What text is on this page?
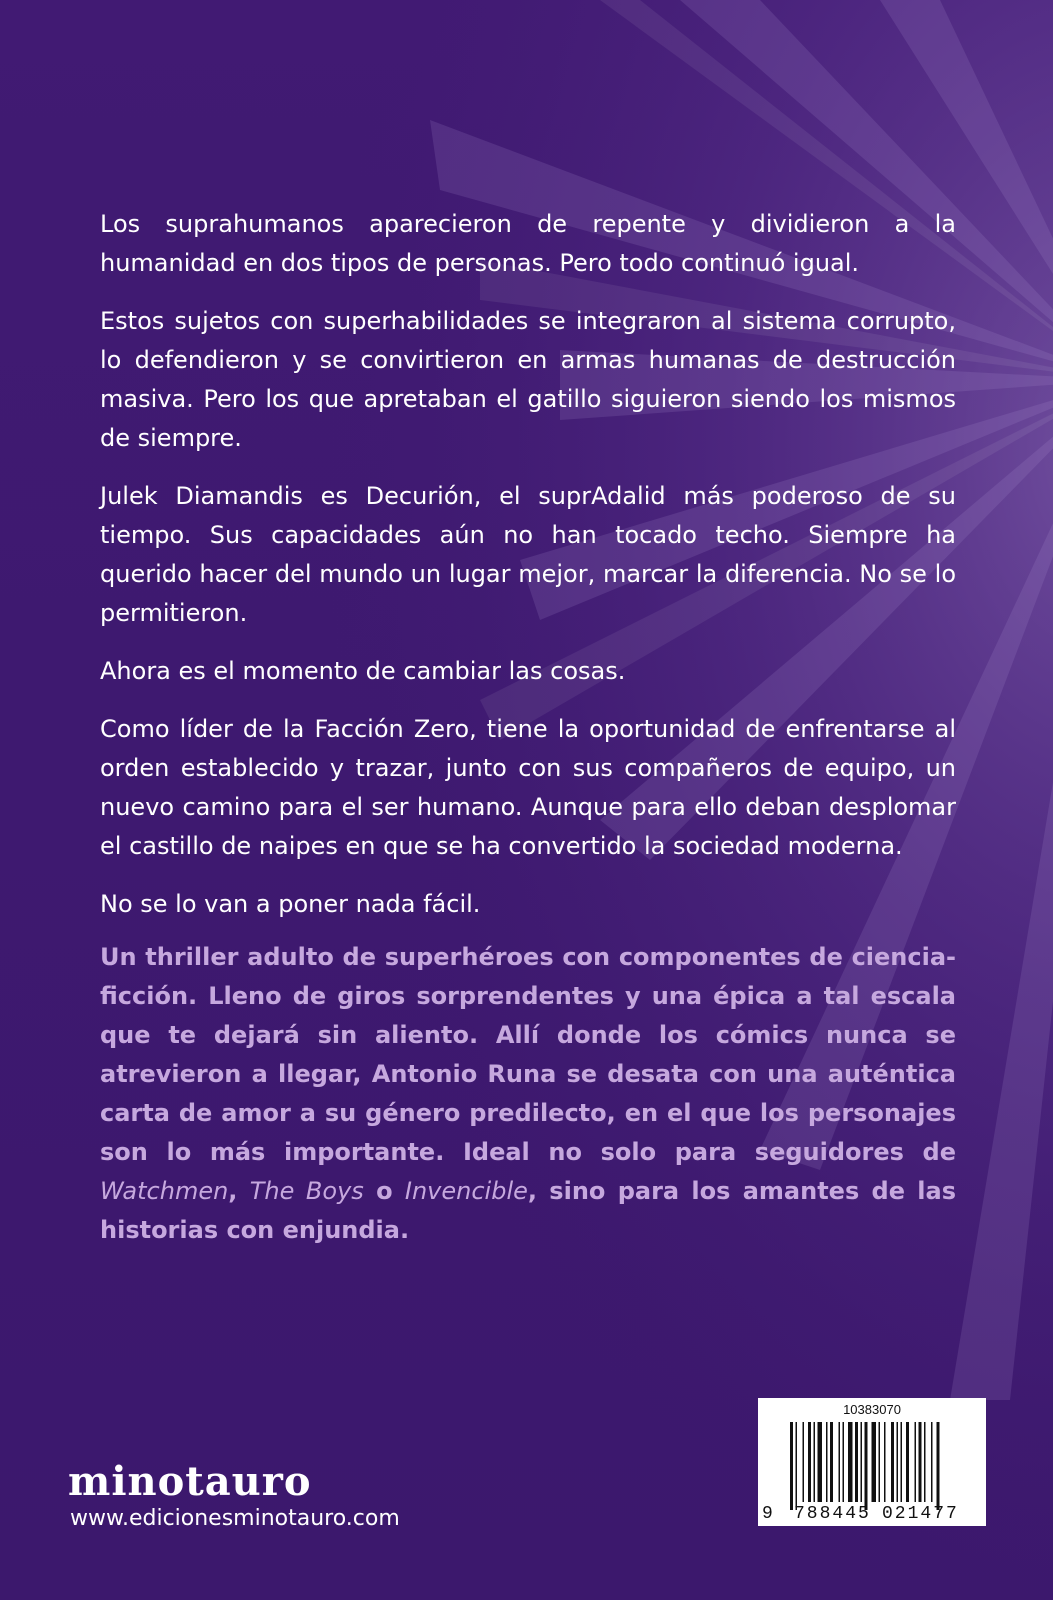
Los suprahumanos aparecieron de repente y dividieron a la humanidad en dos tipos de personas. Pero todo continuó igual.

Estos sujetos con superhabilidades se integraron al sistema corrupto, lo defendieron y se convirtieron en armas humanas de destrucción masiva. Pero los que apretaban el gatillo siguieron siendo los mismos de siempre.

Julek Diamandis es Decurión, el suprAdalid más poderoso de su tiempo. Sus capacidades aún no han tocado techo. Siempre ha querido hacer del mundo un lugar mejor, marcar la diferencia. No se lo permitieron.

Ahora es el momento de cambiar las cosas.

Como líder de la Facción Zero, tiene la oportunidad de enfrentarse al orden establecido y trazar, junto con sus compañeros de equipo, un nuevo camino para el ser humano. Aunque para ello deban desplomar el castillo de naipes en que se ha convertido la sociedad moderna.

No se lo van a poner nada fácil.

Un thriller adulto de superhéroes con componentes de ciencia-ficción. Lleno de giros sorprendentes y una épica a tal escala que te dejará sin aliento. Allí donde los cómics nunca se atrevieron a llegar, Antonio Runa se desata con una auténtica carta de amor a su género predilecto, en el que los personajes son lo más importante. Ideal no solo para seguidores de Watchmen, The Boys o Invencible, sino para los amantes de las historias con enjundia.

minotauro
www.edicionesminotauro.com
10383070
9 788445 021477
